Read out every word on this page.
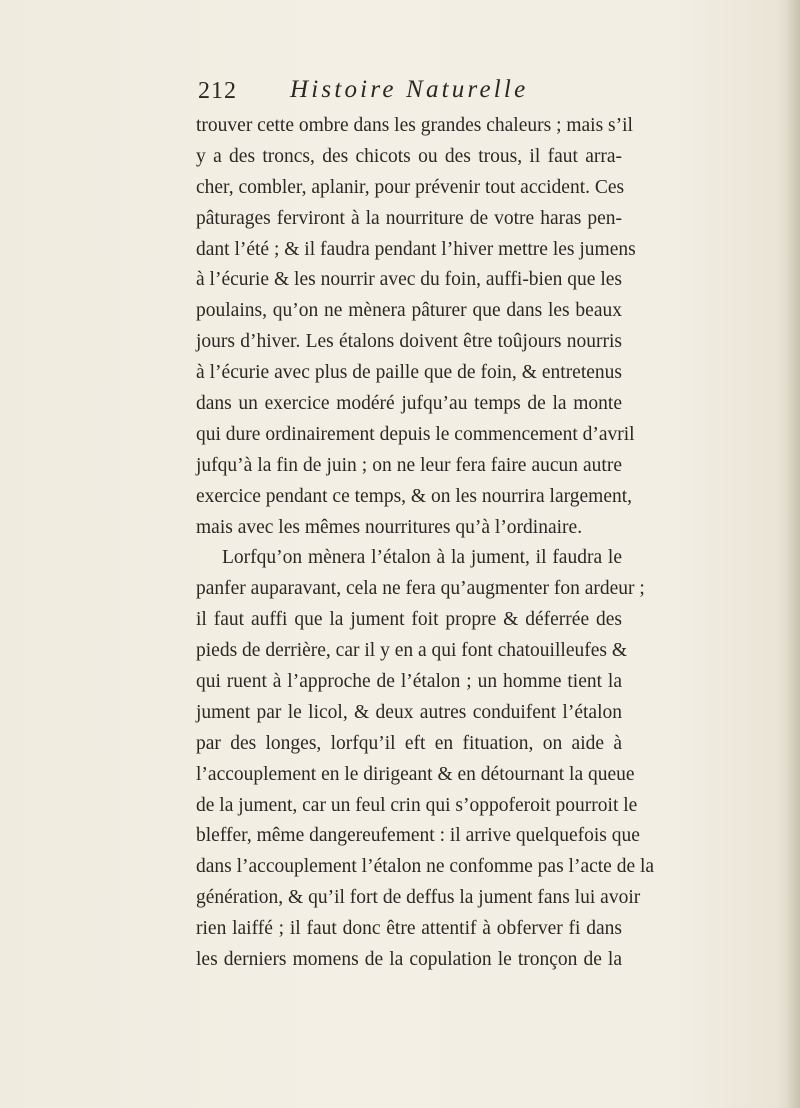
212 Histoire Naturelle
trouver cette ombre dans les grandes chaleurs ; mais s’il
y a des troncs, des chicots ou des trous, il faut arra-
cher, combler, aplanir, pour prévenir tout accident. Ces
pâturages ferviront à la nourriture de votre haras pen-
dant l’été ; & il faudra pendant l’hiver mettre les jumens
à l’écurie & les nourrir avec du foin, auffi-bien que les
poulains, qu’on ne mènera pâturer que dans les beaux
jours d’hiver. Les étalons doivent être toûjours nourris
à l’écurie avec plus de paille que de foin, & entretenus
dans un exercice modéré jufqu’au temps de la monte
qui dure ordinairement depuis le commencement d’avril
jufqu’à la fin de juin ; on ne leur fera faire aucun autre
exercice pendant ce temps, & on les nourrira largement,
mais avec les mêmes nourritures qu’à l’ordinaire.
Lorfqu’on mènera l’étalon à la jument, il faudra le
panfer auparavant, cela ne fera qu’augmenter fon ardeur ;
il faut auffi que la jument foit propre & déferrée des
pieds de derrière, car il y en a qui font chatouilleufes &
qui ruent à l’approche de l’étalon ; un homme tient la
jument par le licol, & deux autres conduifent l’étalon
par des longes, lorfqu’il eft en fituation, on aide à
l’accouplement en le dirigeant & en détournant la queue
de la jument, car un feul crin qui s’oppoferoit pourroit le
bleffer, même dangereufement : il arrive quelquefois que
dans l’accouplement l’étalon ne confomme pas l’acte de la
génération, & qu’il fort de deffus la jument fans lui avoir
rien laiffé ; il faut donc être attentif à obferver fi dans
les derniers momens de la copulation le tronçon de la
